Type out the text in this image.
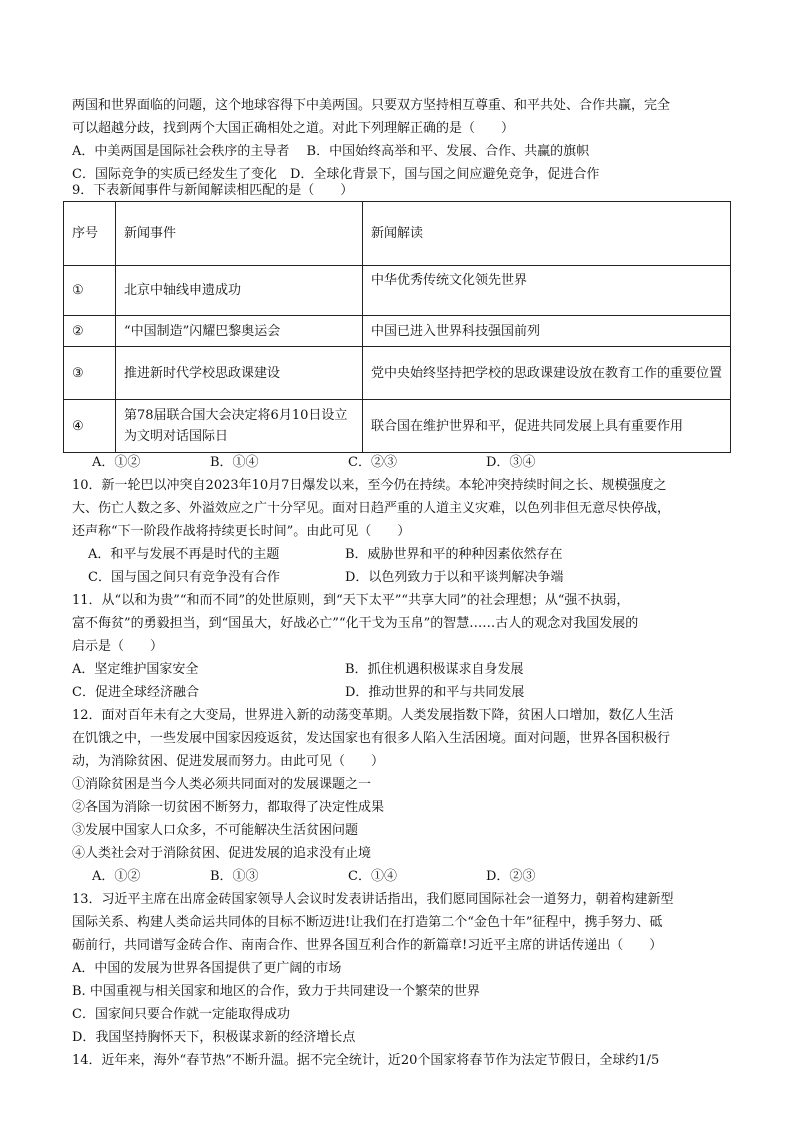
两国和世界面临的问题，这个地球容得下中美两国。只要双方坚持相互尊重、和平共处、合作共赢，完全
可以超越分歧，找到两个大国正确相处之道。对此下列理解正确的是（　　）
A．中美两国是国际社会秩序的主导者　 B．中国始终高举和平、发展、合作、共赢的旗帜
C．国际竞争的实质已经发生了变化　D．全球化背景下，国与国之间应避免竞争，促进合作
9．下表新闻事件与新闻解读相匹配的是（　　）
序号	新闻事件	新闻解读
①	北京中轴线申遗成功	中华优秀传统文化领先世界
②	“中国制造”闪耀巴黎奥运会	中国已进入世界科技强国前列
③	推进新时代学校思政课建设	党中央始终坚持把学校的思政课建设放在教育工作的重要位置
④	第78届联合国大会决定将6月10日设立为文明对话国际日	联合国在维护世界和平，促进共同发展上具有重要作用
A．①②	B．①④	C．②③	D．③④
10．新一轮巴以冲突自2023年10月7日爆发以来，至今仍在持续。本轮冲突持续时间之长、规模强度之
大、伤亡人数之多、外溢效应之广十分罕见。面对日趋严重的人道主义灾难，以色列非但无意尽快停战，
还声称“下一阶段作战将持续更长时间”。由此可见（　　）
A．和平与发展不再是时代的主题	B．威胁世界和平的种种因素依然存在
C．国与国之间只有竞争没有合作	D．以色列致力于以和平谈判解决争端
11．从“以和为贵”“和而不同”的处世原则，到“天下太平”“共享大同”的社会理想；从“强不执弱，
富不侮贫”的勇毅担当，到“国虽大，好战必亡”“化干戈为玉帛”的智慧……古人的观念对我国发展的
启示是（　　）
A．坚定维护国家安全	B．抓住机遇积极谋求自身发展
C．促进全球经济融合	D．推动世界的和平与共同发展
12．面对百年未有之大变局，世界进入新的动荡变革期。人类发展指数下降，贫困人口增加，数亿人生活
在饥饿之中，一些发展中国家因疫返贫，发达国家也有很多人陷入生活困境。面对问题，世界各国积极行
动，为消除贫困、促进发展而努力。由此可见（　　）
①消除贫困是当今人类必须共同面对的发展课题之一
②各国为消除一切贫困不断努力，都取得了决定性成果
③发展中国家人口众多，不可能解决生活贫困问题
④人类社会对于消除贫困、促进发展的追求没有止境
A．①②	B．①③	C．①④	D．②③
13．习近平主席在出席金砖国家领导人会议时发表讲话指出，我们愿同国际社会一道努力，朝着构建新型
国际关系、构建人类命运共同体的目标不断迈进!让我们在打造第二个“金色十年”征程中，携手努力、砥
砺前行，共同谱写金砖合作、南南合作、世界各国互利合作的新篇章!习近平主席的讲话传递出（　　）
A．中国的发展为世界各国提供了更广阔的市场
B. 中国重视与相关国家和地区的合作，致力于共同建设一个繁荣的世界
C．国家间只要合作就一定能取得成功
D．我国坚持胸怀天下，积极谋求新的经济增长点
14．近年来，海外“春节热”不断升温。据不完全统计，近20个国家将春节作为法定节假日，全球约1/5
